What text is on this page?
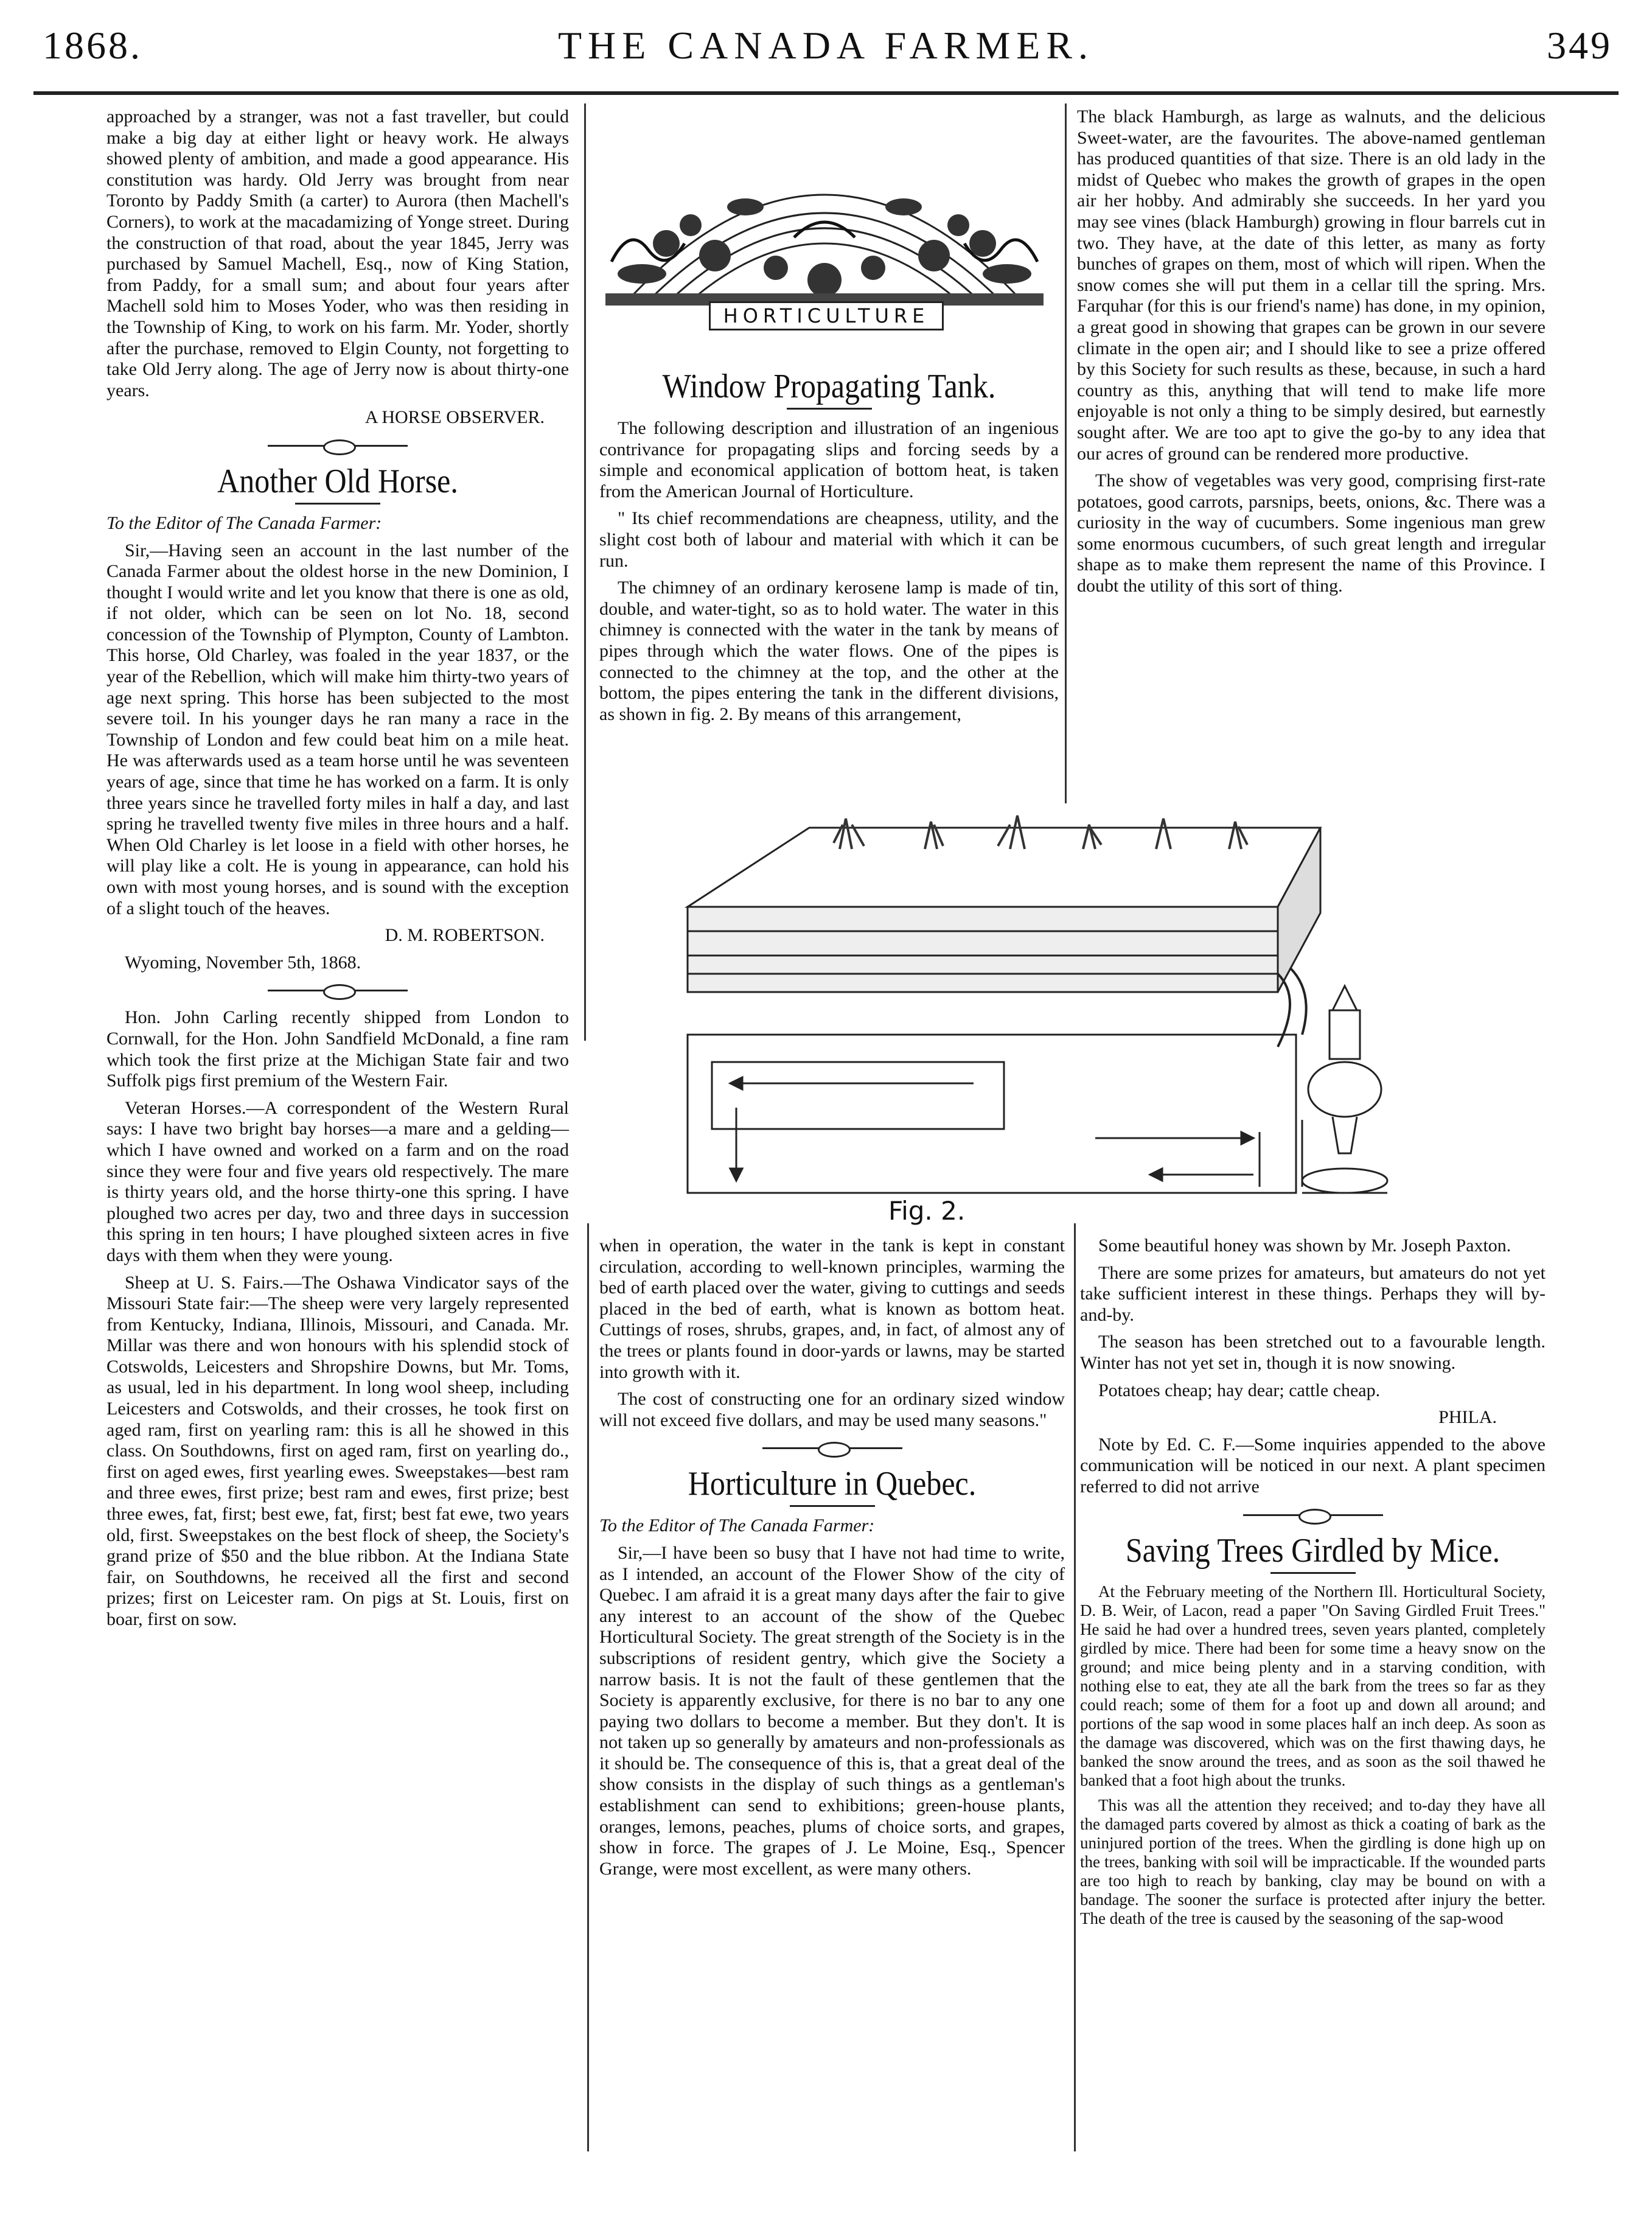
1868.	THE CANADA FARMER.	349

approached by a stranger, was not a fast traveller, but could make a big day at either light or heavy work. He always showed plenty of ambition, and made a good appearance. His constitution was hardy. Old Jerry was brought from near Toronto by Paddy Smith (a carter) to Aurora (then Machell's Corners), to work at the macadamizing of Yonge street. During the construction of that road, about the year 1845, Jerry was purchased by Samuel Machell, Esq., now of King Station, from Paddy, for a small sum; and about four years after Machell sold him to Moses Yoder, who was then residing in the Township of King, to work on his farm. Mr. Yoder, shortly after the purchase, removed to Elgin County, not forgetting to take Old Jerry along. The age of Jerry now is about thirty-one years.

A HORSE OBSERVER.

Another Old Horse.

To the Editor of The Canada Farmer:

Sir,—Having seen an account in the last number of the Canada Farmer about the oldest horse in the new Dominion, I thought I would write and let you know that there is one as old, if not older, which can be seen on lot No. 18, second concession of the Township of Plympton, County of Lambton. This horse, Old Charley, was foaled in the year 1837, or the year of the Rebellion, which will make him thirty-two years of age next spring. This horse has been subjected to the most severe toil. In his younger days he ran many a race in the Township of London and few could beat him on a mile heat. He was afterwards used as a team horse until he was seventeen years of age, since that time he has worked on a farm. It is only three years since he travelled forty miles in half a day, and last spring he travelled twenty five miles in three hours and a half. When Old Charley is let loose in a field with other horses, he will play like a colt. He is young in appearance, can hold his own with most young horses, and is sound with the exception of a slight touch of the heaves.

D. M. ROBERTSON.

Wyoming, November 5th, 1868.

Hon. John Carling recently shipped from London to Cornwall, for the Hon. John Sandfield McDonald, a fine ram which took the first prize at the Michigan State fair and two Suffolk pigs first premium of the Western Fair.

Veteran Horses.—A correspondent of the Western Rural says: I have two bright bay horses—a mare and a gelding—which I have owned and worked on a farm and on the road since they were four and five years old respectively. The mare is thirty years old, and the horse thirty-one this spring. I have ploughed two acres per day, two and three days in succession this spring in ten hours; I have ploughed sixteen acres in five days with them when they were young.

Sheep at U. S. Fairs.—The Oshawa Vindicator says of the Missouri State fair:—The sheep were very largely represented from Kentucky, Indiana, Illinois, Missouri, and Canada. Mr. Millar was there and won honours with his splendid stock of Cotswolds, Leicesters and Shropshire Downs, but Mr. Toms, as usual, led in his department. In long wool sheep, including Leicesters and Cotswolds, and their crosses, he took first on aged ram, first on yearling ram: this is all he showed in this class. On Southdowns, first on aged ram, first on yearling do., first on aged ewes, first yearling ewes. Sweepstakes—best ram and three ewes, first prize; best ram and ewes, first prize; best three ewes, fat, first; best ewe, fat, first; best fat ewe, two years old, first. Sweepstakes on the best flock of sheep, the Society's grand prize of $50 and the blue ribbon. At the Indiana State fair, on Southdowns, he received all the first and second prizes; first on Leicester ram. On pigs at St. Louis, first on boar, first on sow.

HORTICULTURE
Window Propagating Tank.

The following description and illustration of an ingenious contrivance for propagating slips and forcing seeds by a simple and economical application of bottom heat, is taken from the American Journal of Horticulture.

" Its chief recommendations are cheapness, utility, and the slight cost both of labour and material with which it can be run.

The chimney of an ordinary kerosene lamp is made of tin, double, and water-tight, so as to hold water. The water in this chimney is connected with the water in the tank by means of pipes through which the water flows. One of the pipes is connected to the chimney at the top, and the other at the bottom, the pipes entering the tank in the different divisions, as shown in fig. 2. By means of this arrangement,

The black Hamburgh, as large as walnuts, and the delicious Sweet-water, are the favourites. The above-named gentleman has produced quantities of that size. There is an old lady in the midst of Quebec who makes the growth of grapes in the open air her hobby. And admirably she succeeds. In her yard you may see vines (black Hamburgh) growing in flour barrels cut in two. They have, at the date of this letter, as many as forty bunches of grapes on them, most of which will ripen. When the snow comes she will put them in a cellar till the spring. Mrs. Farquhar (for this is our friend's name) has done, in my opinion, a great good in showing that grapes can be grown in our severe climate in the open air; and I should like to see a prize offered by this Society for such results as these, because, in such a hard country as this, anything that will tend to make life more enjoyable is not only a thing to be simply desired, but earnestly sought after. We are too apt to give the go-by to any idea that our acres of ground can be rendered more productive.

The show of vegetables was very good, comprising first-rate potatoes, good carrots, parsnips, beets, onions, &c. There was a curiosity in the way of cucumbers. Some ingenious man grew some enormous cucumbers, of such great length and irregular shape as to make them represent the name of this Province. I doubt the utility of this sort of thing.

Fig. 2.

when in operation, the water in the tank is kept in constant circulation, according to well-known principles, warming the bed of earth placed over the water, giving to cuttings and seeds placed in the bed of earth, what is known as bottom heat. Cuttings of roses, shrubs, grapes, and, in fact, of almost any of the trees or plants found in door-yards or lawns, may be started into growth with it.

The cost of constructing one for an ordinary sized window will not exceed five dollars, and may be used many seasons."

Horticulture in Quebec.

To the Editor of The Canada Farmer:

Sir,—I have been so busy that I have not had time to write, as I intended, an account of the Flower Show of the city of Quebec. I am afraid it is a great many days after the fair to give any interest to an account of the show of the Quebec Horticultural Society. The great strength of the Society is in the subscriptions of resident gentry, which give the Society a narrow basis. It is not the fault of these gentlemen that the Society is apparently exclusive, for there is no bar to any one paying two dollars to become a member. But they don't. It is not taken up so generally by amateurs and non-professionals as it should be. The consequence of this is, that a great deal of the show consists in the display of such things as a gentleman's establishment can send to exhibitions; green-house plants, oranges, lemons, peaches, plums of choice sorts, and grapes, show in force. The grapes of J. Le Moine, Esq., Spencer Grange, were most excellent, as were many others.

Some beautiful honey was shown by Mr. Joseph Paxton.

There are some prizes for amateurs, but amateurs do not yet take sufficient interest in these things. Perhaps they will by-and-by.

The season has been stretched out to a favourable length. Winter has not yet set in, though it is now snowing.

Potatoes cheap; hay dear; cattle cheap.

PHILA.

Note by Ed. C. F.—Some inquiries appended to the above communication will be noticed in our next. A plant specimen referred to did not arrive

Saving Trees Girdled by Mice.

At the February meeting of the Northern Ill. Horticultural Society, D. B. Weir, of Lacon, read a paper "On Saving Girdled Fruit Trees." He said he had over a hundred trees, seven years planted, completely girdled by mice. There had been for some time a heavy snow on the ground; and mice being plenty and in a starving condition, with nothing else to eat, they ate all the bark from the trees so far as they could reach; some of them for a foot up and down all around; and portions of the sap wood in some places half an inch deep. As soon as the damage was discovered, which was on the first thawing days, he banked the snow around the trees, and as soon as the soil thawed he banked that a foot high about the trunks.

This was all the attention they received; and to-day they have all the damaged parts covered by almost as thick a coating of bark as the uninjured portion of the trees. When the girdling is done high up on the trees, banking with soil will be impracticable. If the wounded parts are too high to reach by banking, clay may be bound on with a bandage. The sooner the surface is protected after injury the better. The death of the tree is caused by the seasoning of the sap-wood
